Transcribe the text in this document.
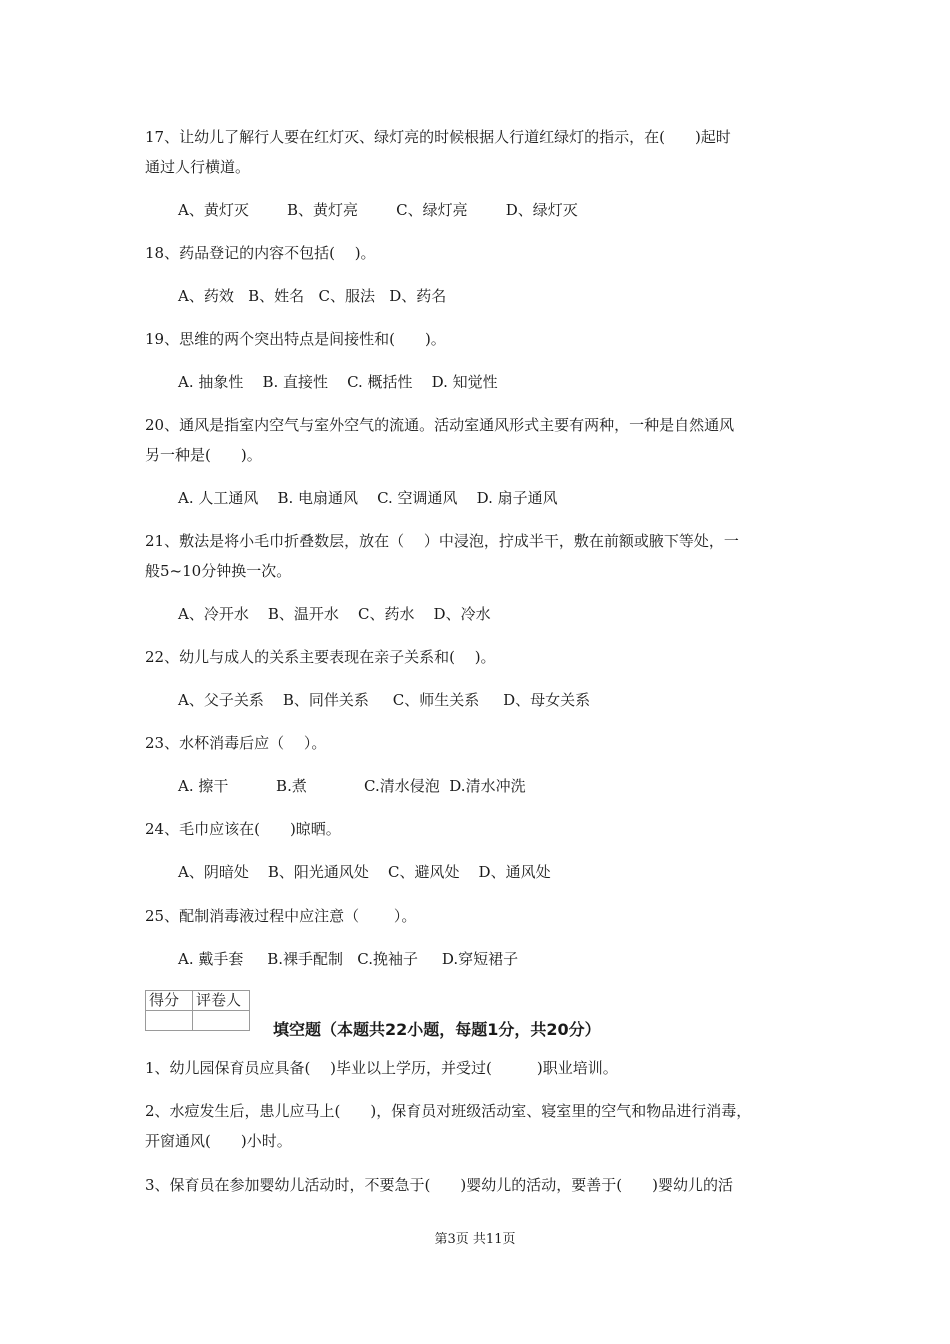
17、让幼儿了解行人要在红灯灭、绿灯亮的时候根据人行道红绿灯的指示，在(　　)起时
通过人行横道。
A、黄灯灭        B、黄灯亮        C、绿灯亮        D、绿灯灭
18、药品登记的内容不包括(　 )。
A、药效   B、姓名   C、服法   D、药名
19、思维的两个突出特点是间接性和(　　)。
A. 抽象性    B. 直接性    C. 概括性    D. 知觉性
20、通风是指室内空气与室外空气的流通。活动室通风形式主要有两种，一种是自然通风
另一种是(　　)。
A. 人工通风    B. 电扇通风    C. 空调通风    D. 扇子通风
21、敷法是将小毛巾折叠数层，放在（　 ）中浸泡，拧成半干，敷在前额或腋下等处，一
般5~10分钟换一次。
A、冷开水    B、温开水    C、药水    D、冷水
22、幼儿与成人的关系主要表现在亲子关系和(　 )。
A、父子关系    B、同伴关系     C、师生关系     D、母女关系
23、水杯消毒后应（　 ）。
A. 擦干          B.煮            C.清水侵泡  D.清水冲洗
24、毛巾应该在(　　)晾晒。
A、阴暗处    B、阳光通风处    C、避风处    D、通风处
25、配制消毒液过程中应注意（　　 ）。
A. 戴手套     B.裸手配制   C.挽袖子     D.穿短裙子
得分	评卷人

填空题（本题共22小题，每题1分，共20分）
1、幼儿园保育员应具备(　 )毕业以上学历，并受过(　　　)职业培训。
2、水痘发生后，患儿应马上(　　)，保育员对班级活动室、寝室里的空气和物品进行消毒，
开窗通风(　　)小时。
3、保育员在参加婴幼儿活动时，不要急于(　　)婴幼儿的活动，要善于(　　)婴幼儿的活
第3页 共11页
